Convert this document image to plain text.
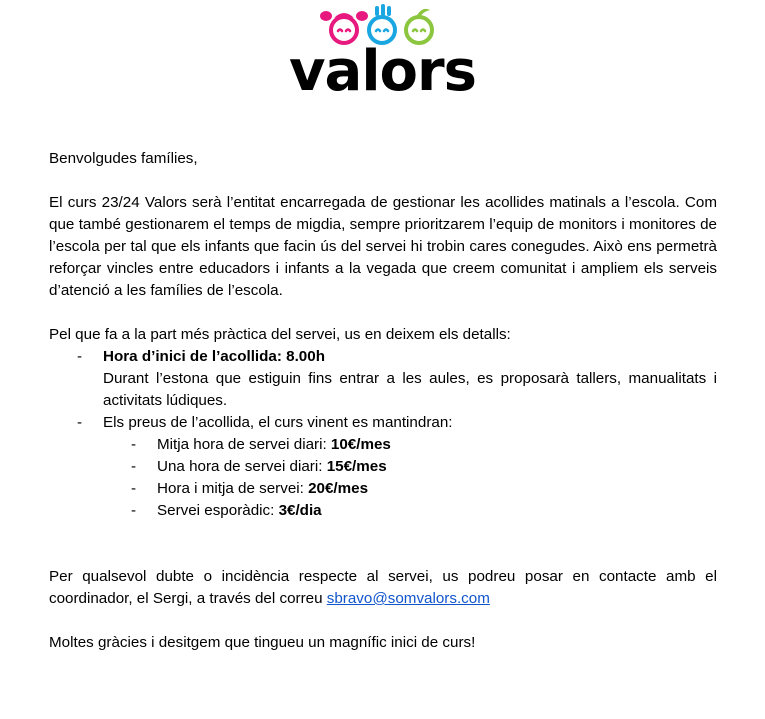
valors

Benvolgudes famílies,

El curs 23/24 Valors serà l’entitat encarregada de gestionar les acollides matinals a l’escola. Com que també gestionarem el temps de migdia, sempre prioritzarem l’equip de monitors i monitores de l’escola per tal que els infants que facin ús del servei hi trobin cares conegudes. Això ens permetrà reforçar vincles entre educadors i infants a la vegada que creem comunitat i ampliem els serveis d’atenció a les famílies de l’escola.

Pel que fa a la part més pràctica del servei, us en deixem els detalls:

- Hora d’inici de l’acollida: 8.00h

Durant l’estona que estiguin fins entrar a les aules, es proposarà tallers, manualitats i activitats lúdiques.
- Els preus de l’acollida, el curs vinent es mantindran:
- Mitja hora de servei diari: 10€/mes
- Una hora de servei diari: 15€/mes
- Hora i mitja de servei: 20€/mes
- Servei esporàdic: 3€/dia

Per qualsevol dubte o incidència respecte al servei, us podreu posar en contacte amb el coordinador, el Sergi, a través del correu sbravo@somvalors.com

Moltes gràcies i desitgem que tingueu un magnífic inici de curs!
